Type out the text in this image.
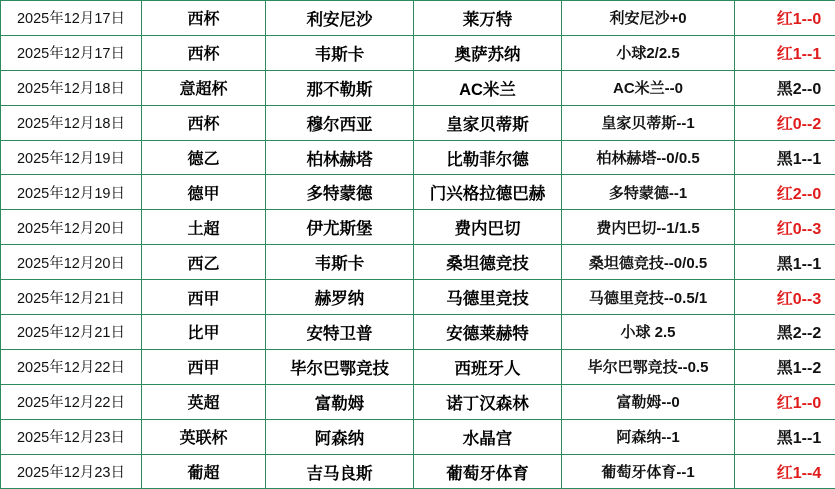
2025年12月17日	西杯	利安尼沙	莱万特	利安尼沙+0	红1--0
2025年12月17日	西杯	韦斯卡	奥萨苏纳	小球2/2.5	红1--1
2025年12月18日	意超杯	那不勒斯	AC米兰	AC米兰--0	黑2--0
2025年12月18日	西杯	穆尔西亚	皇家贝蒂斯	皇家贝蒂斯--1	红0--2
2025年12月19日	德乙	柏林赫塔	比勒菲尔德	柏林赫塔--0/0.5	黑1--1
2025年12月19日	德甲	多特蒙德	门兴格拉德巴赫	多特蒙德--1	红2--0
2025年12月20日	土超	伊尤斯堡	费内巴切	费内巴切--1/1.5	红0--3
2025年12月20日	西乙	韦斯卡	桑坦德竞技	桑坦德竞技--0/0.5	黑1--1
2025年12月21日	西甲	赫罗纳	马德里竞技	马德里竞技--0.5/1	红0--3
2025年12月21日	比甲	安特卫普	安德莱赫特	小球 2.5	黑2--2
2025年12月22日	西甲	毕尔巴鄂竞技	西班牙人	毕尔巴鄂竞技--0.5	黑1--2
2025年12月22日	英超	富勒姆	诺丁汉森林	富勒姆--0	红1--0
2025年12月23日	英联杯	阿森纳	水晶宫	阿森纳--1	黑1--1
2025年12月23日	葡超	吉马良斯	葡萄牙体育	葡萄牙体育--1	红1--4
